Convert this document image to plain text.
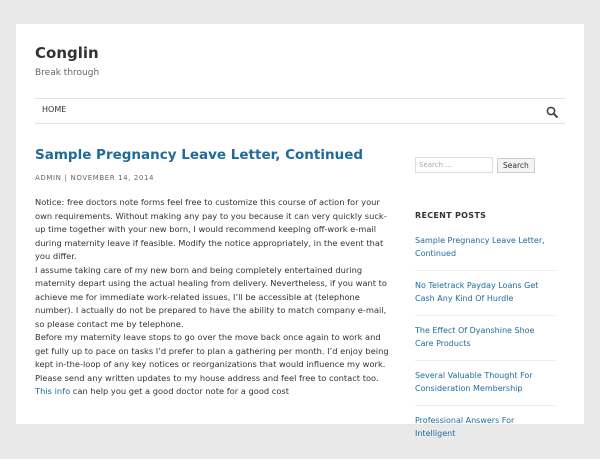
Conglin
Break through
HOME
Sample Pregnancy Leave Letter, Continued
ADMIN | NOVEMBER 14, 2014

Notice: free doctors note forms feel free to customize this course of action for your own requirements. Without making any pay to you because it can very quickly suck-up time together with your new born, I would recommend keeping off-work e-mail during maternity leave if feasible. Modify the notice appropriately, in the event that you differ.

I assume taking care of my new born and being completely entertained during maternity depart using the actual healing from delivery. Nevertheless, if you want to achieve me for immediate work-related issues, I’ll be accessible at (telephone number). I actually do not be prepared to have the ability to match company e-mail, so please contact me by telephone.

Before my maternity leave stops to go over the move back once again to work and get fully up to pace on tasks I’d prefer to plan a gathering per month. I’d enjoy being kept in-the-loop of any key notices or reorganizations that would influence my work. Please send any written updates to my house address and feel free to contact too.

This info can help you get a good doctor note for a good cost

Search …
Search
RECENT POSTS
Sample Pregnancy Leave Letter, Continued
No Teletrack Payday Loans Get Cash Any Kind Of Hurdle
The Effect Of Dyanshine Shoe Care Products
Several Valuable Thought For Consideration Membership
Professional Answers For Intelligent
